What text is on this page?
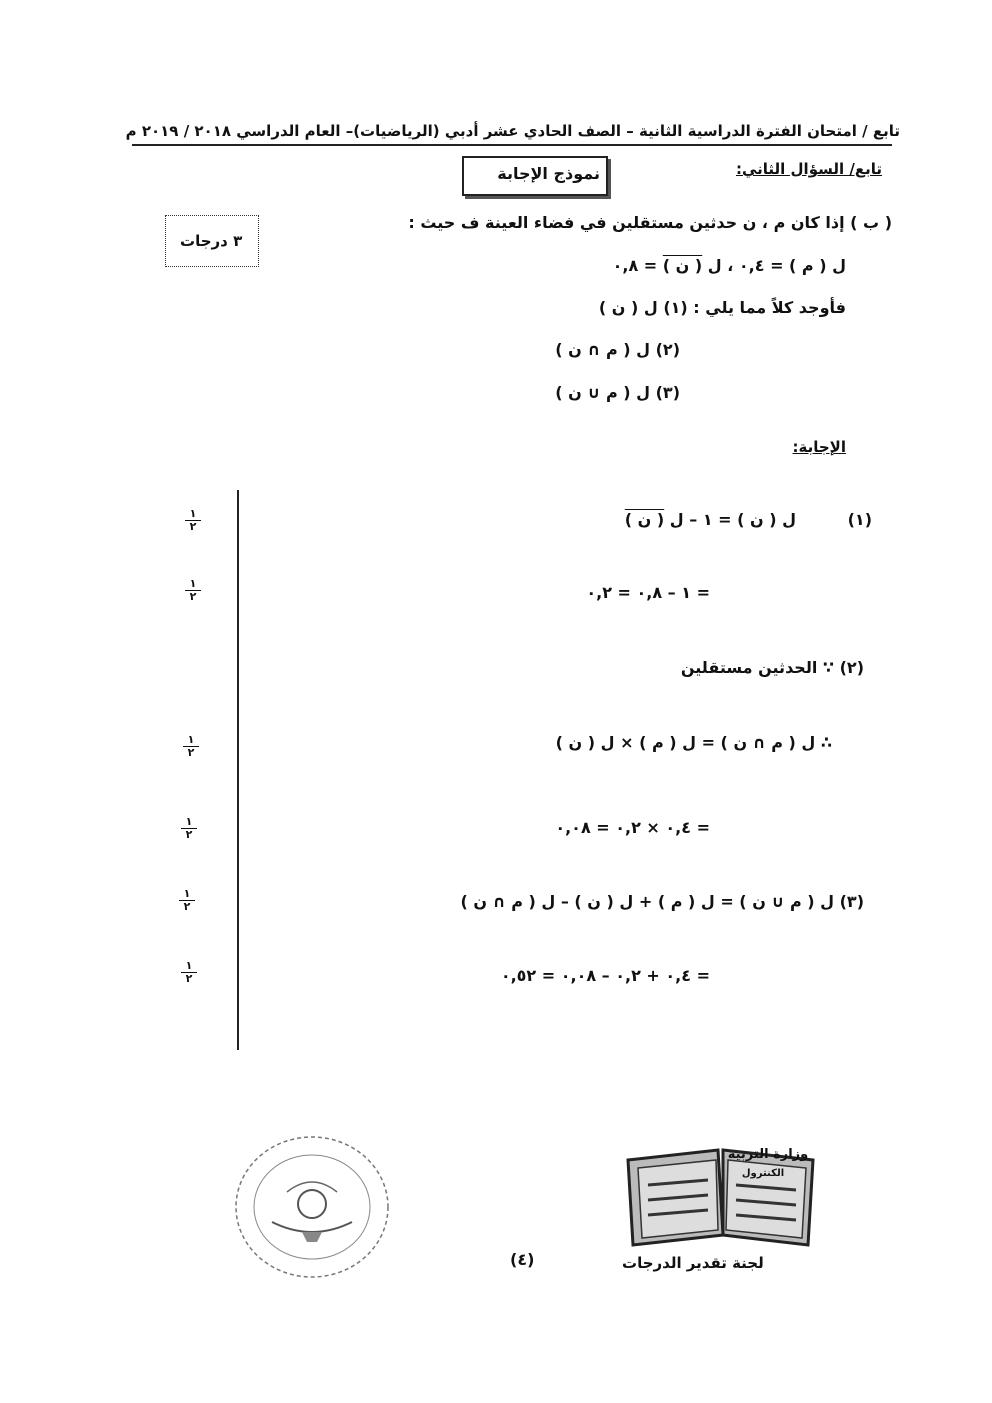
تابع / امتحان الفترة الدراسية الثانية – الصف الحادي عشر أدبي (الرياضيات)– العام الدراسي ٢٠١٨ / ٢٠١٩ م
نموذج الإجابة	تابع/ السؤال الثاني:
٣ درجات
( ب ) إذا كان م ، ن حدثين مستقلين في فضاء العينة ف حيث :
ل ( م ) = ٠,٤ ، ل ( ن ) = ٠,٨
فأوجد كلاً مما يلي : (١) ل ( ن )
(٢) ل ( م ∩ ن )
(٣) ل ( م ∪ ن )
الإجابة:
(١)
ل ( ن ) = ١ – ل ( ن )
= ١ – ٠,٨ = ٠,٢
(٢) ∵ الحدثين مستقلين
∴ ل ( م ∩ ن ) = ل ( م ) × ل ( ن )
= ٠,٤ × ٠,٢ = ٠,٠٨
(٣) ل ( م ∪ ن ) = ل ( م ) + ل ( ن ) – ل ( م ∩ ن )
= ٠,٤ + ٠,٢ – ٠,٠٨ = ٠,٥٢
١
٢
١
٢
١
٢
١
٢
١
٢
١
٢
وزارة التربية
الكنترول
(٤)	لجنة تقدير الدرجات
